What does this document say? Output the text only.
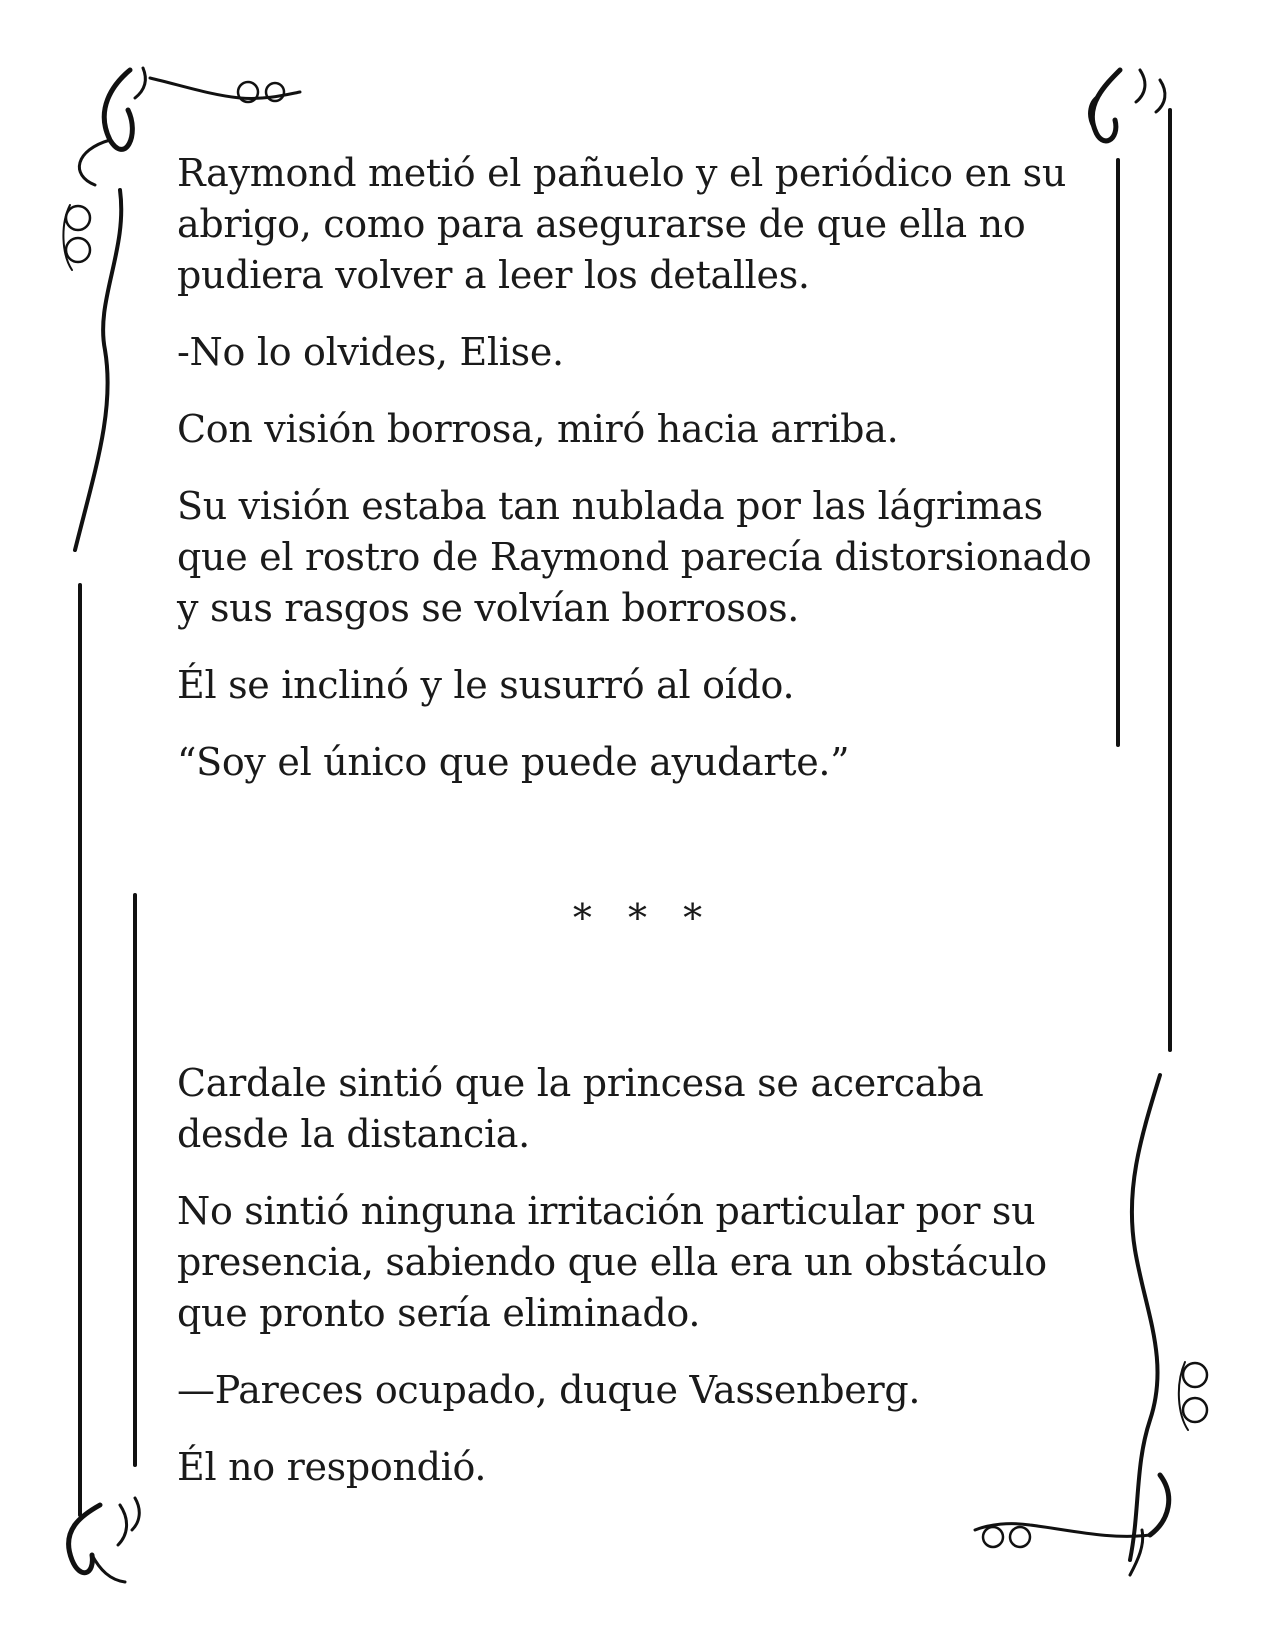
Raymond metió el pañuelo y el periódico en su
abrigo, como para asegurarse de que ella no
pudiera volver a leer los detalles.

-No lo olvides, Elise.

Con visión borrosa, miró hacia arriba.

Su visión estaba tan nublada por las lágrimas
que el rostro de Raymond parecía distorsionado
y sus rasgos se volvían borrosos.

Él se inclinó y le susurró al oído.

“Soy el único que puede ayudarte.”

* * *

Cardale sintió que la princesa se acercaba
desde la distancia.

No sintió ninguna irritación particular por su
presencia, sabiendo que ella era un obstáculo
que pronto sería eliminado.

—Pareces ocupado, duque Vassenberg.

Él no respondió.
